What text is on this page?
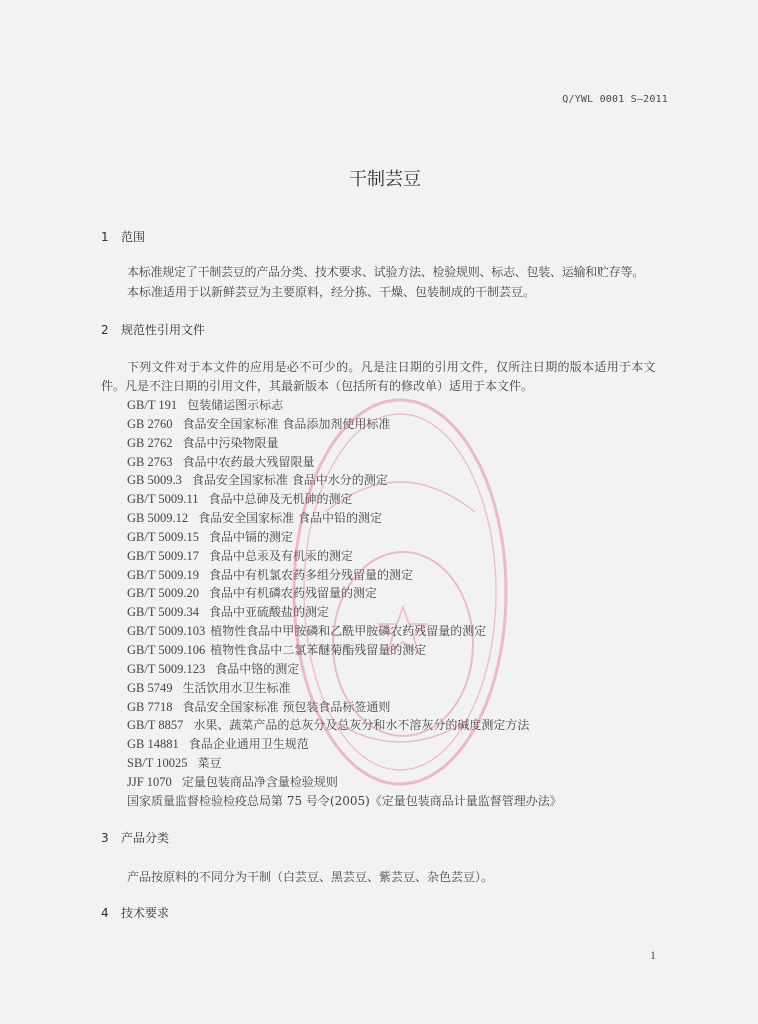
Q/YWL 0001 S—2011
干制芸豆
1 范围
本标准规定了干制芸豆的产品分类、技术要求、试验方法、检验规则、标志、包装、运输和贮存等。
本标准适用于以新鲜芸豆为主要原料，经分拣、干燥、包装制成的干制芸豆。
2 规范性引用文件
下列文件对于本文件的应用是必不可少的。凡是注日期的引用文件，仅所注日期的版本适用于本文
件。凡是不注日期的引用文件，其最新版本（包括所有的修改单）适用于本文件。
GB/T 191 包装储运图示标志
GB 2760 食品安全国家标准 食品添加剂使用标准
GB 2762 食品中污染物限量
GB 2763 食品中农药最大残留限量
GB 5009.3 食品安全国家标准 食品中水分的测定
GB/T 5009.11 食品中总砷及无机砷的测定
GB 5009.12 食品安全国家标准 食品中铅的测定
GB/T 5009.15 食品中镉的测定
GB/T 5009.17 食品中总汞及有机汞的测定
GB/T 5009.19 食品中有机氯农药多组分残留量的测定
GB/T 5009.20 食品中有机磷农药残留量的测定
GB/T 5009.34 食品中亚硫酸盐的测定
GB/T 5009.103 植物性食品中甲胺磷和乙酰甲胺磷农药残留量的测定
GB/T 5009.106 植物性食品中二氯苯醚菊酯残留量的测定
GB/T 5009.123 食品中铬的测定
GB 5749 生活饮用水卫生标准
GB 7718 食品安全国家标准 预包装食品标签通则
GB/T 8857 水果、蔬菜产品的总灰分及总灰分和水不溶灰分的碱度测定方法
GB 14881 食品企业通用卫生规范
SB/T 10025 菜豆
JJF 1070 定量包装商品净含量检验规则
国家质量监督检验检疫总局第 75 号令(2005)《定量包装商品计量监督管理办法》
3 产品分类
产品按原料的不同分为干制（白芸豆、黑芸豆、紫芸豆、杂色芸豆）。
4 技术要求
1
